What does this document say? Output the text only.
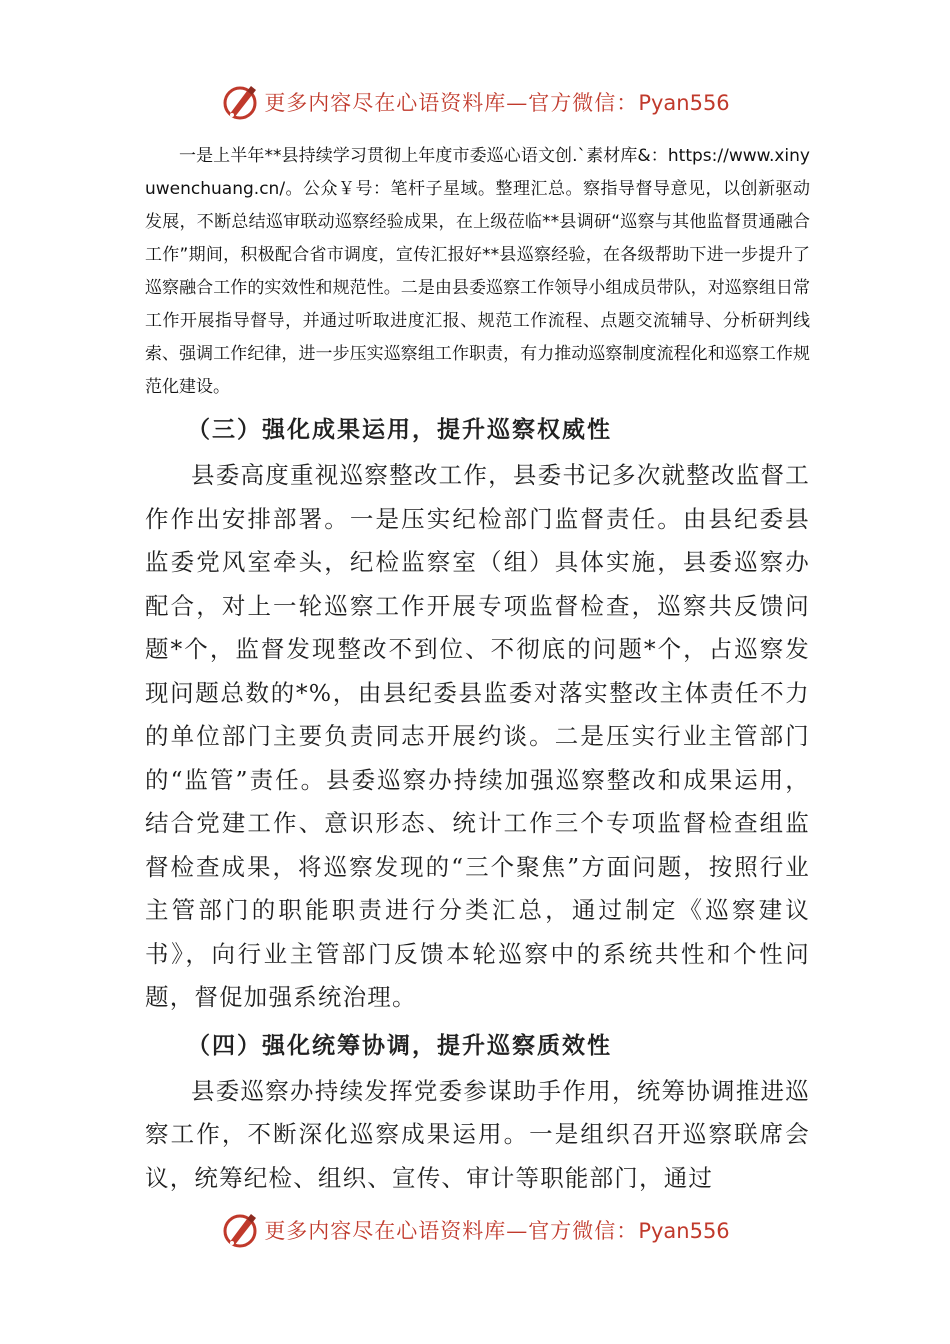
更多内容尽在心语资料库—官方微信：Pyan556

一是上半年**县持续学习贯彻上年度市委巡心语文创.`素材库&：https://www.xinyuwenchuang.cn/。公众￥号：笔杆子星域。整理汇总。察指导督导意见，以创新驱动发展，不断总结巡审联动巡察经验成果，在上级莅临**县调研“巡察与其他监督贯通融合工作”期间，积极配合省市调度，宣传汇报好**县巡察经验，在各级帮助下进一步提升了巡察融合工作的实效性和规范性。二是由县委巡察工作领导小组成员带队，对巡察组日常工作开展指导督导，并通过听取进度汇报、规范工作流程、点题交流辅导、分析研判线索、强调工作纪律，进一步压实巡察组工作职责，有力推动巡察制度流程化和巡察工作规范化建设。

（三）强化成果运用，提升巡察权威性

县委高度重视巡察整改工作，县委书记多次就整改监督工作作出安排部署。一是压实纪检部门监督责任。由县纪委县监委党风室牵头，纪检监察室（组）具体实施，县委巡察办配合，对上一轮巡察工作开展专项监督检查，巡察共反馈问题*个，监督发现整改不到位、不彻底的问题*个，占巡察发现问题总数的*%，由县纪委县监委对落实整改主体责任不力的单位部门主要负责同志开展约谈。二是压实行业主管部门的“监管”责任。县委巡察办持续加强巡察整改和成果运用，结合党建工作、意识形态、统计工作三个专项监督检查组监督检查成果，将巡察发现的“三个聚焦”方面问题，按照行业主管部门的职能职责进行分类汇总，通过制定《巡察建议书》，向行业主管部门反馈本轮巡察中的系统共性和个性问题，督促加强系统治理。

（四）强化统筹协调，提升巡察质效性

县委巡察办持续发挥党委参谋助手作用，统筹协调推进巡察工作，不断深化巡察成果运用。一是组织召开巡察联席会议，统筹纪检、组织、宣传、审计等职能部门，通过

更多内容尽在心语资料库—官方微信：Pyan556
